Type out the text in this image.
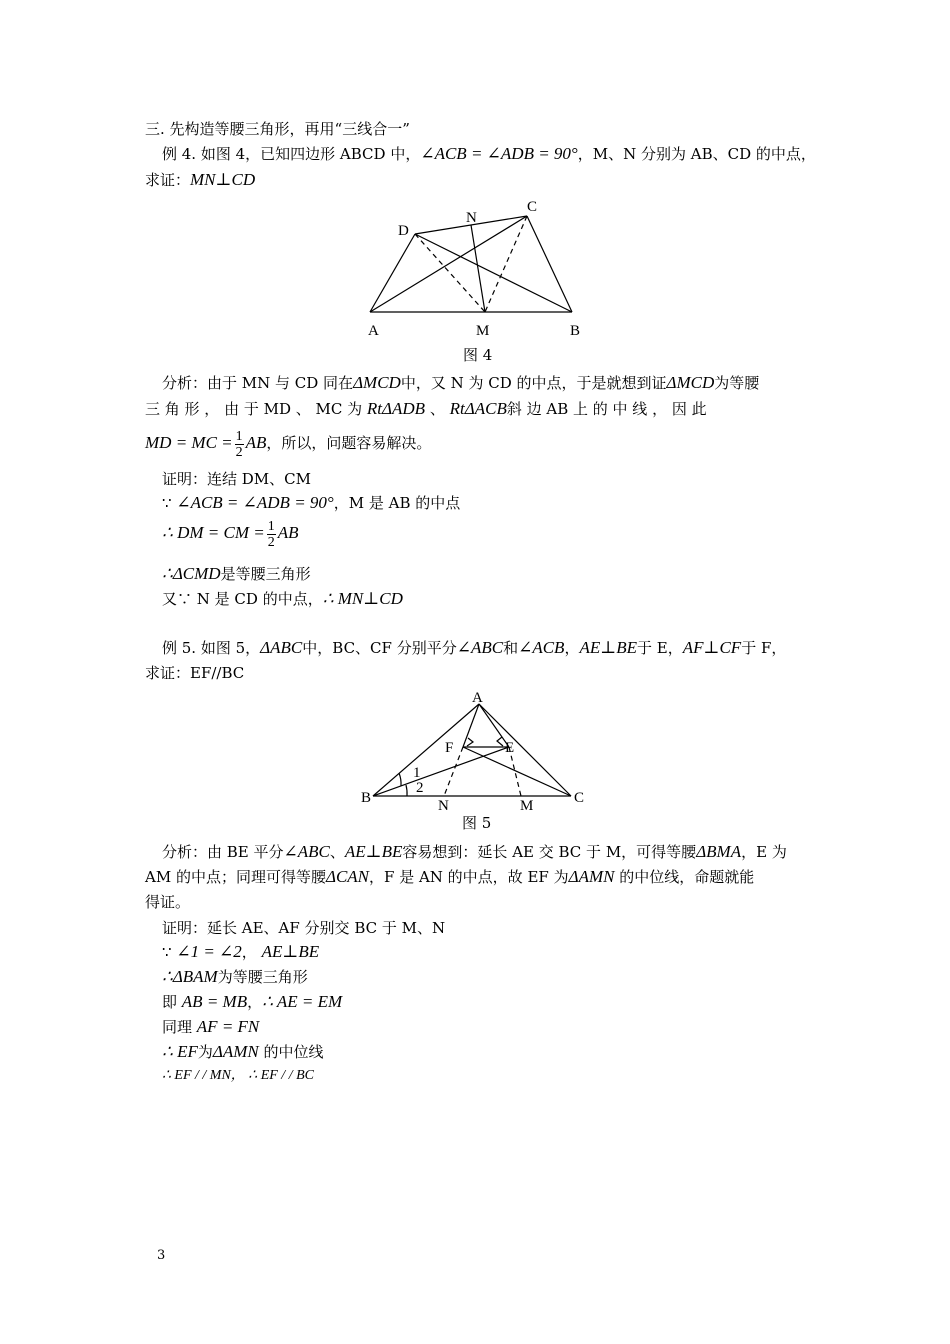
三. 先构造等腰三角形，再用“三线合一”
例 4. 如图 4，已知四边形 ABCD 中，∠ACB = ∠ADB = 90°，M、N 分别为 AB、CD 的中点，
求证：MN⊥CD
A	M	B
D
N
C
图 4
分析：由于 MN 与 CD 同在ΔMCD中，又 N 为 CD 的中点，于是就想到证ΔMCD为等腰
三 角 形 ， 由 于 MD 、 MC 为 RtΔADB 、 RtΔACB斜 边 AB 上 的 中 线 ， 因 此
MD = MC = $\frac{1}{2}$ AB，所以，问题容易解决。
证明：连结 DM、CM
∵ ∠ACB = ∠ADB = 90°，M 是 AB 的中点
∴ DM = CM = $\frac{1}{2}$ AB
∴ΔCMD是等腰三角形
又∵ N 是 CD 的中点，∴ MN⊥CD
例 5. 如图 5，ΔABC中，BC、CF 分别平分∠ABC和∠ACB，AE⊥BE于 E，AF⊥CF于 F，
求证：EF//BC
A
F	E
1
2
B	N	M	C
图 5
分析：由 BE 平分∠ABC、AE⊥BE容易想到：延长 AE 交 BC 于 M，可得等腰ΔBMA，E 为
AM 的中点；同理可得等腰ΔCAN，F 是 AN 的中点，故 EF 为ΔAMN 的中位线，命题就能
得证。
证明：延长 AE、AF 分别交 BC 于 M、N
∵ ∠1 = ∠2， AE⊥BE
∴ΔBAM为等腰三角形
即 AB = MB，∴ AE = EM
同理 AF = FN
∴ EF为ΔAMN 的中位线
∴ EF / / MN， ∴ EF / / BC
3
